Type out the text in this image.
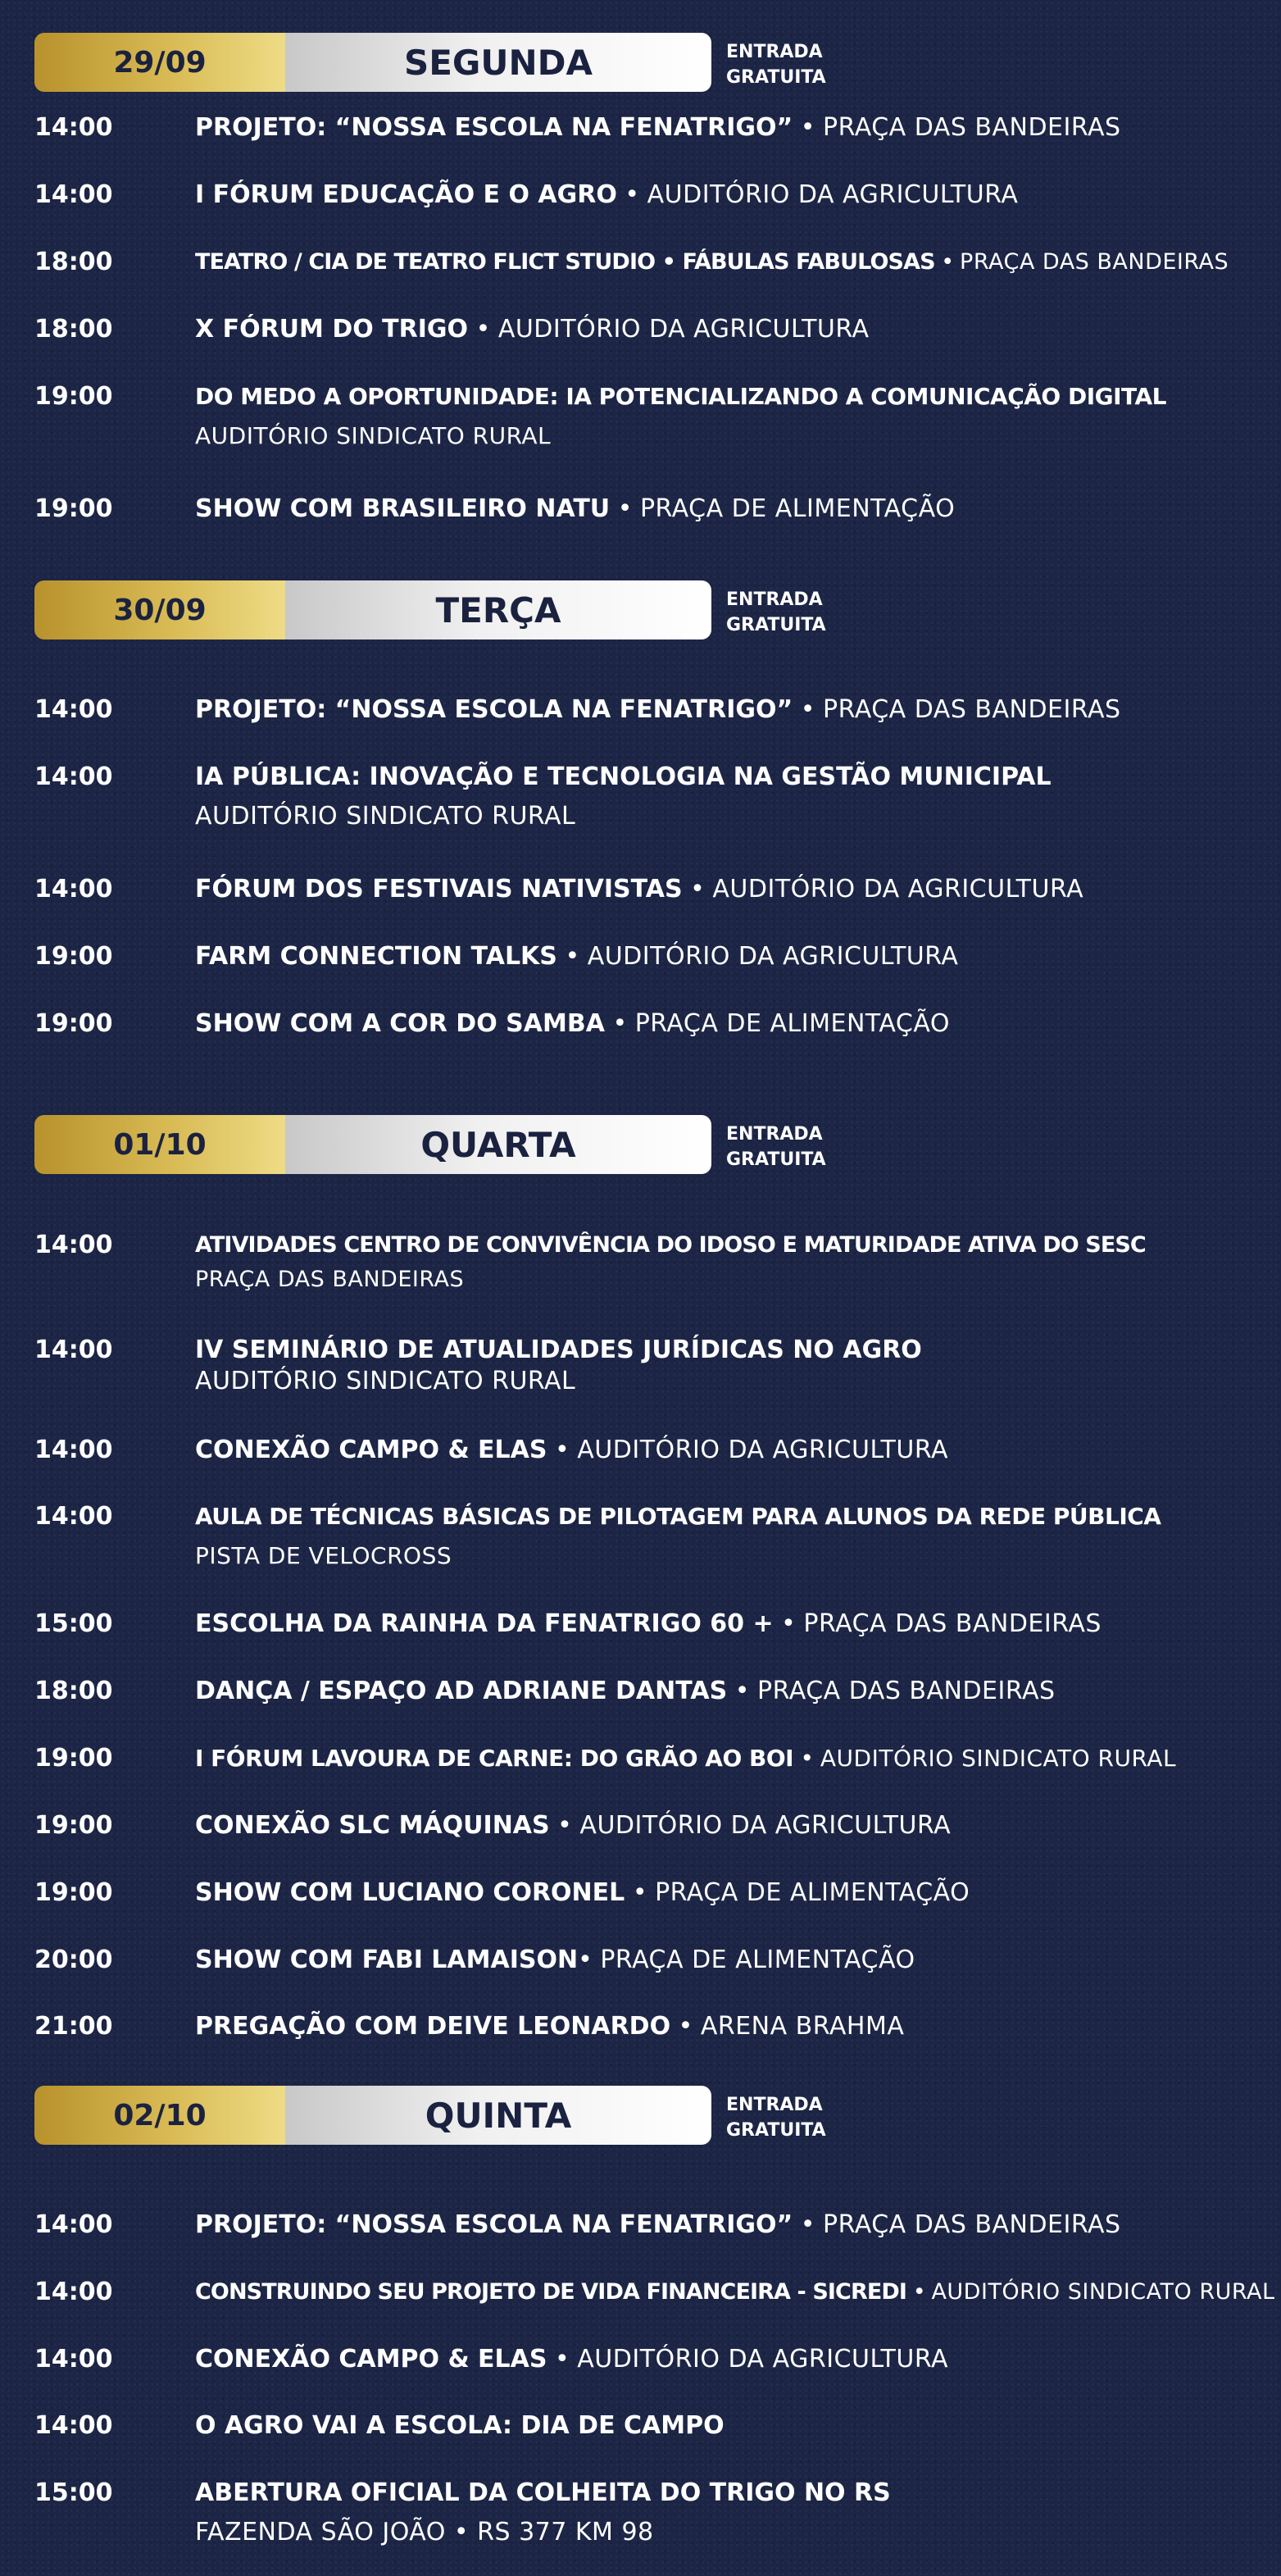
29/09	SEGUNDA	ENTRADA
GRATUITA
14:00	PROJETO: “NOSSA ESCOLA NA FENATRIGO” • PRAÇA DAS BANDEIRAS
14:00	I FÓRUM EDUCAÇÃO E O AGRO • AUDITÓRIO DA AGRICULTURA
18:00	TEATRO / CIA DE TEATRO FLICT STUDIO • FÁBULAS FABULOSAS • PRAÇA DAS BANDEIRAS
18:00	X FÓRUM DO TRIGO • AUDITÓRIO DA AGRICULTURA
19:00	DO MEDO A OPORTUNIDADE: IA POTENCIALIZANDO A COMUNICAÇÃO DIGITAL
AUDITÓRIO SINDICATO RURAL
19:00	SHOW COM BRASILEIRO NATU • PRAÇA DE ALIMENTAÇÃO
30/09	TERÇA	ENTRADA
GRATUITA
14:00	PROJETO: “NOSSA ESCOLA NA FENATRIGO” • PRAÇA DAS BANDEIRAS
14:00	IA PÚBLICA: INOVAÇÃO E TECNOLOGIA NA GESTÃO MUNICIPAL
AUDITÓRIO SINDICATO RURAL
14:00	FÓRUM DOS FESTIVAIS NATIVISTAS • AUDITÓRIO DA AGRICULTURA
19:00	FARM CONNECTION TALKS • AUDITÓRIO DA AGRICULTURA
19:00	SHOW COM A COR DO SAMBA • PRAÇA DE ALIMENTAÇÃO
01/10	QUARTA	ENTRADA
GRATUITA
14:00	ATIVIDADES CENTRO DE CONVIVÊNCIA DO IDOSO E MATURIDADE ATIVA DO SESC
PRAÇA DAS BANDEIRAS
14:00	IV SEMINÁRIO DE ATUALIDADES JURÍDICAS NO AGRO
AUDITÓRIO SINDICATO RURAL
14:00	CONEXÃO CAMPO & ELAS • AUDITÓRIO DA AGRICULTURA
14:00	AULA DE TÉCNICAS BÁSICAS DE PILOTAGEM PARA ALUNOS DA REDE PÚBLICA
PISTA DE VELOCROSS
15:00	ESCOLHA DA RAINHA DA FENATRIGO 60 + • PRAÇA DAS BANDEIRAS
18:00	DANÇA / ESPAÇO AD ADRIANE DANTAS • PRAÇA DAS BANDEIRAS
19:00	I FÓRUM LAVOURA DE CARNE: DO GRÃO AO BOI • AUDITÓRIO SINDICATO RURAL
19:00	CONEXÃO SLC MÁQUINAS • AUDITÓRIO DA AGRICULTURA
19:00	SHOW COM LUCIANO CORONEL • PRAÇA DE ALIMENTAÇÃO
20:00	SHOW COM FABI LAMAISON• PRAÇA DE ALIMENTAÇÃO
21:00	PREGAÇÃO COM DEIVE LEONARDO • ARENA BRAHMA
02/10	QUINTA	ENTRADA
GRATUITA
14:00	PROJETO: “NOSSA ESCOLA NA FENATRIGO” • PRAÇA DAS BANDEIRAS
14:00	CONSTRUINDO SEU PROJETO DE VIDA FINANCEIRA - SICREDI • AUDITÓRIO SINDICATO RURAL
14:00	CONEXÃO CAMPO & ELAS • AUDITÓRIO DA AGRICULTURA
14:00	O AGRO VAI A ESCOLA: DIA DE CAMPO
15:00	ABERTURA OFICIAL DA COLHEITA DO TRIGO NO RS
FAZENDA SÃO JOÃO • RS 377 KM 98
